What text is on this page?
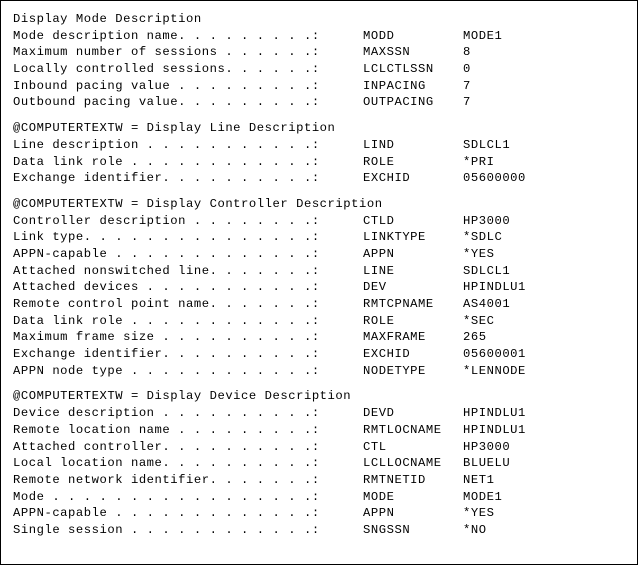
Display Mode Description
Mode description name. . . . . . . . .:	MODD	MODE1
Maximum number of sessions . . . . . .:	MAXSSN	8
Locally controlled sessions. . . . . .:	LCLCTLSSN 0
Inbound pacing value . . . . . . . . .:	INPACING	7
Outbound pacing value. . . . . . . . .:	OUTPACING 7
@COMPUTERTEXTW = Display Line Description
Line description . . . . . . . . . . .:	LIND	SDLCL1
Data link role . . . . . . . . . . . .:	ROLE	*PRI
Exchange identifier. . . . . . . . . .:	EXCHID	05600000
@COMPUTERTEXTW = Display Controller Description
Controller description . . . . . . . .:	CTLD	HP3000
Link type. . . . . . . . . . . . . . .:	LINKTYPE	*SDLC
APPN-capable . . . . . . . . . . . . .:	APPN	*YES
Attached nonswitched line. . . . . . .:	LINE	SDLCL1
Attached devices . . . . . . . . . . .:	DEV	HPINDLU1
Remote control point name. . . . . . .:	RMTCPNAME AS4001
Data link role . . . . . . . . . . . .:	ROLE	*SEC
Maximum frame size . . . . . . . . . .:	MAXFRAME	265
Exchange identifier. . . . . . . . . .:	EXCHID	05600001
APPN node type . . . . . . . . . . . .:	NODETYPE	*LENNODE
@COMPUTERTEXTW = Display Device Description
Device description . . . . . . . . . .:	DEVD	HPINDLU1
Remote location name . . . . . . . . .:	RMTLOCNAME HPINDLU1
Attached controller. . . . . . . . . .:	CTL	HP3000
Local location name. . . . . . . . . .:	LCLLOCNAME BLUELU
Remote network identifier. . . . . . .:	RMTNETID	NET1
Mode . . . . . . . . . . . . . . . . .:	MODE	MODE1
APPN-capable . . . . . . . . . . . . .:	APPN	*YES
Single session . . . . . . . . . . . .:	SNGSSN	*NO
